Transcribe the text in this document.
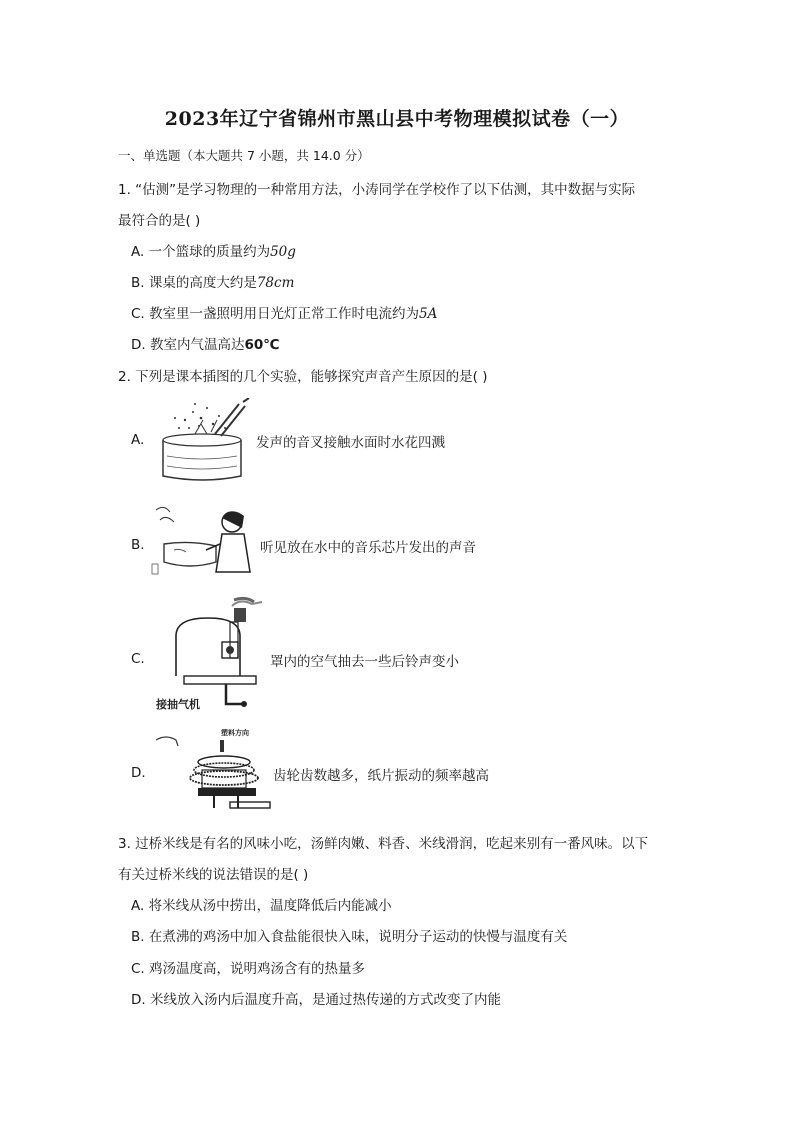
2023年辽宁省锦州市黑山县中考物理模拟试卷（一）
一、单选题（本大题共 7 小题，共 14.0 分）
1. “估测”是学习物理的一种常用方法，小涛同学在学校作了以下估测，其中数据与实际
最符合的是( )
A. 一个篮球的质量约为50g
B. 课桌的高度大约是78cm
C. 教室里一盏照明用日光灯正常工作时电流约为5A
D. 教室内气温高达60℃
2. 下列是课本插图的几个实验，能够探究声音产生原因的是( )
A.	发声的音叉接触水面时水花四溅
B.	听见放在水中的音乐芯片发出的声音
C.
接抽气机
罩内的空气抽去一些后铃声变小
D.
塑料方向
齿轮齿数越多，纸片振动的频率越高
3. 过桥米线是有名的风味小吃，汤鲜肉嫩、料香、米线滑润，吃起来别有一番风味。以下
有关过桥米线的说法错误的是( )
A. 将米线从汤中捞出，温度降低后内能减小
B. 在煮沸的鸡汤中加入食盐能很快入味，说明分子运动的快慢与温度有关
C. 鸡汤温度高，说明鸡汤含有的热量多
D. 米线放入汤内后温度升高，是通过热传递的方式改变了内能
